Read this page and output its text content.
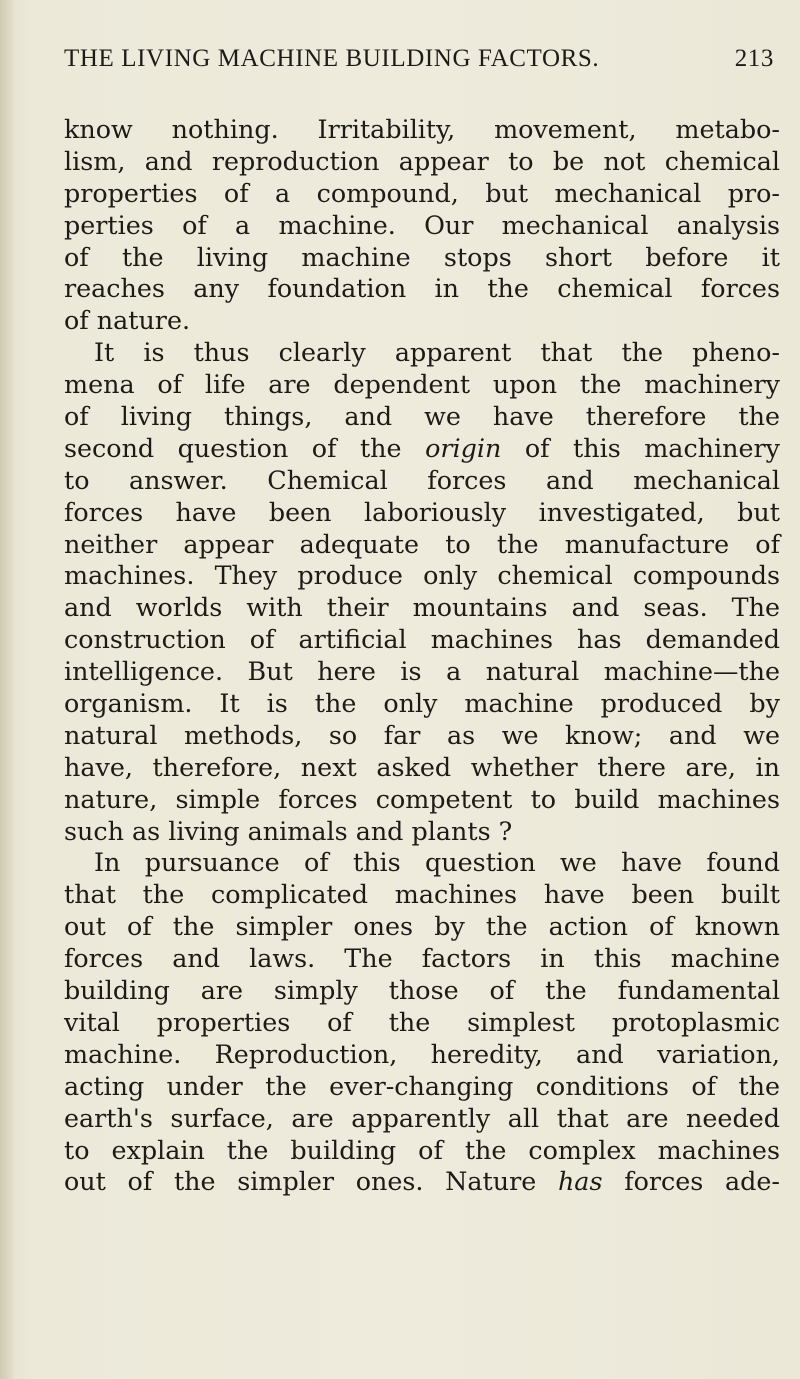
THE LIVING MACHINE BUILDING FACTORS.	213
know nothing. Irritability, movement, metabo-
lism, and reproduction appear to be not chemical
properties of a compound, but mechanical pro-
perties of a machine. Our mechanical analysis
of the living machine stops short before it
reaches any foundation in the chemical forces
of nature.
It is thus clearly apparent that the pheno-
mena of life are dependent upon the machinery
of living things, and we have therefore the
second question of the origin of this machinery
to answer. Chemical forces and mechanical
forces have been laboriously investigated, but
neither appear adequate to the manufacture of
machines. They produce only chemical compounds
and worlds with their mountains and seas. The
construction of artificial machines has demanded
intelligence. But here is a natural machine—the
organism. It is the only machine produced by
natural methods, so far as we know; and we
have, therefore, next asked whether there are, in
nature, simple forces competent to build machines
such as living animals and plants ?
In pursuance of this question we have found
that the complicated machines have been built
out of the simpler ones by the action of known
forces and laws. The factors in this machine
building are simply those of the fundamental
vital properties of the simplest protoplasmic
machine. Reproduction, heredity, and variation,
acting under the ever-changing conditions of the
earth's surface, are apparently all that are needed
to explain the building of the complex machines
out of the simpler ones. Nature has forces ade-
